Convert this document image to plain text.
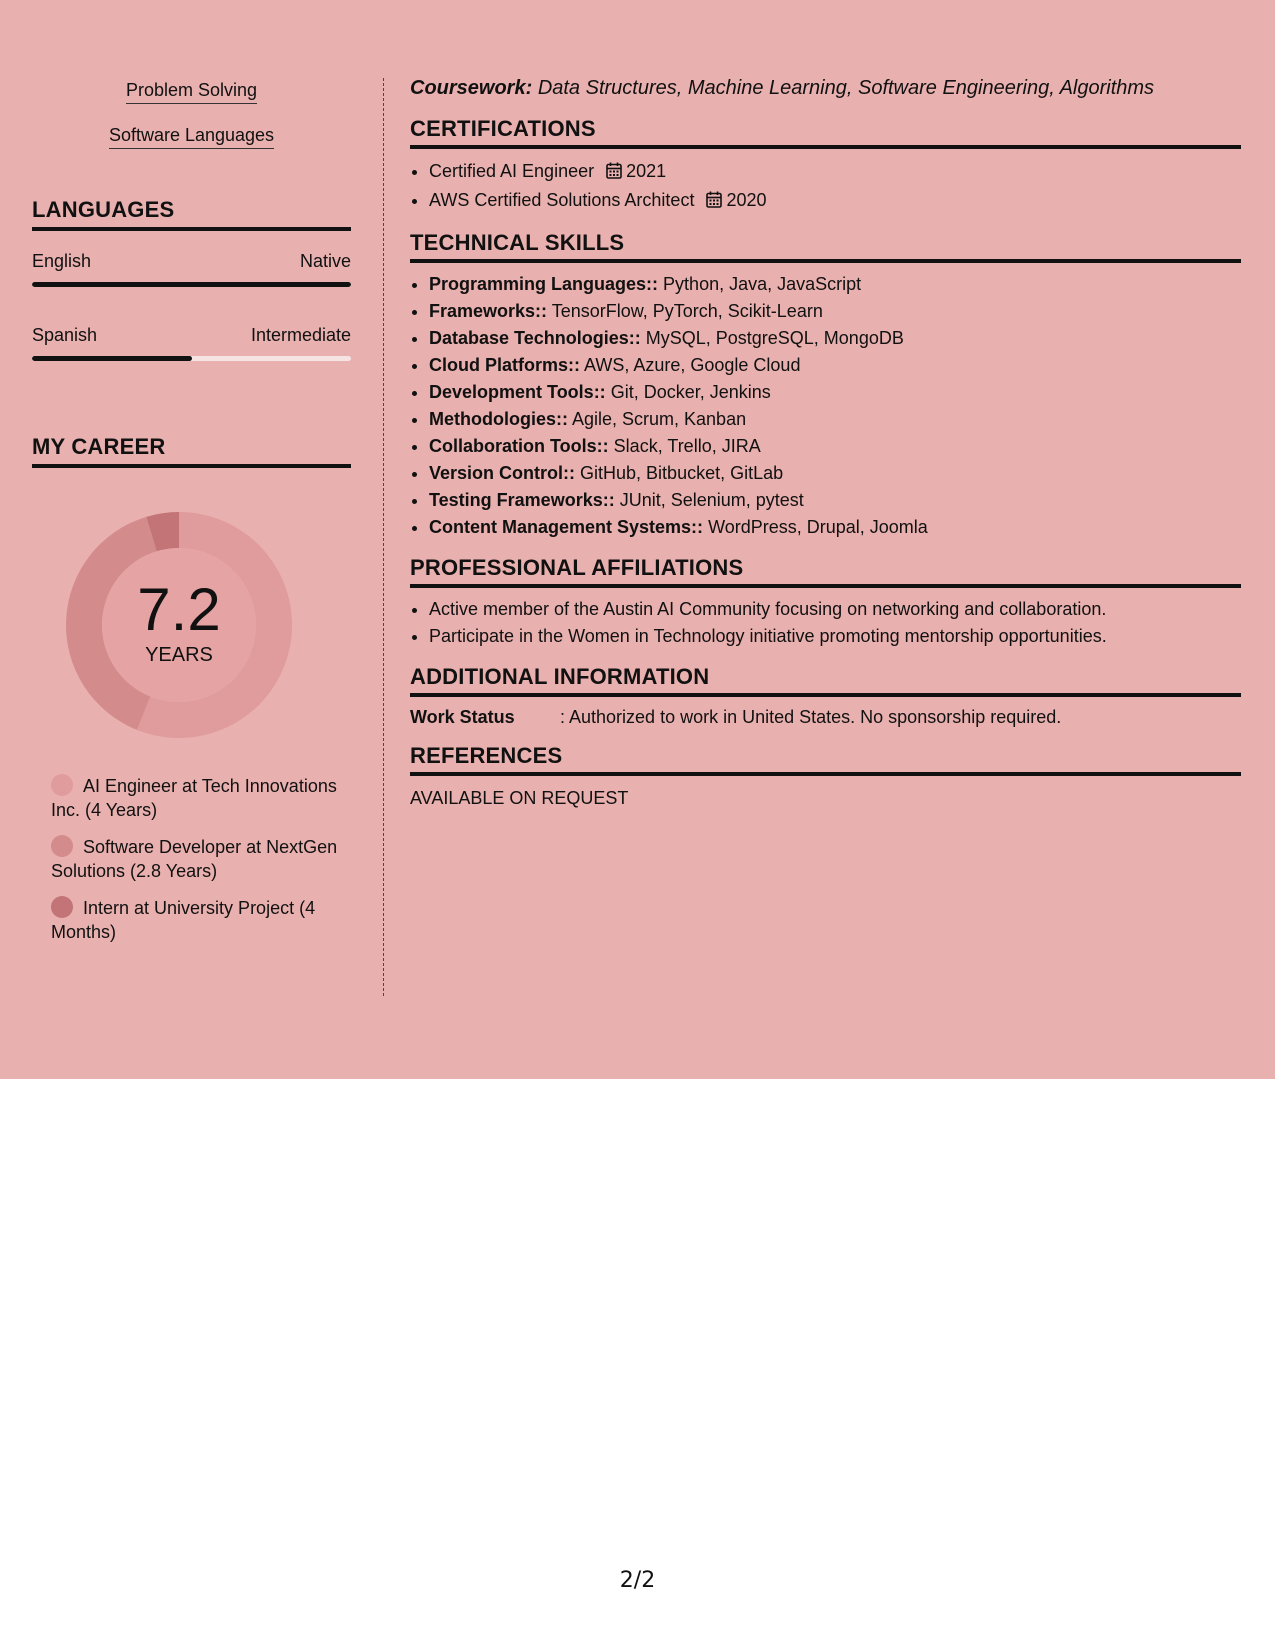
Problem Solving
Software Languages
LANGUAGES
English	Native
Spanish	Intermediate
MY CAREER
7.2
YEARS
AI Engineer at Tech Innovations Inc. (4 Years)
Software Developer at NextGen Solutions (2.8 Years)
Intern at University Project (4 Months)
Coursework: Data Structures, Machine Learning, Software Engineering, Algorithms
CERTIFICATIONS
• Certified AI Engineer 2021
• AWS Certified Solutions Architect 2020
TECHNICAL SKILLS
• Programming Languages:: Python, Java, JavaScript
• Frameworks:: TensorFlow, PyTorch, Scikit-Learn
• Database Technologies:: MySQL, PostgreSQL, MongoDB
• Cloud Platforms:: AWS, Azure, Google Cloud
• Development Tools:: Git, Docker, Jenkins
• Methodologies:: Agile, Scrum, Kanban
• Collaboration Tools:: Slack, Trello, JIRA
• Version Control:: GitHub, Bitbucket, GitLab
• Testing Frameworks:: JUnit, Selenium, pytest
• Content Management Systems:: WordPress, Drupal, Joomla
PROFESSIONAL AFFILIATIONS
• Active member of the Austin AI Community focusing on networking and collaboration.
• Participate in the Women in Technology initiative promoting mentorship opportunities.
ADDITIONAL INFORMATION
Work Status	: Authorized to work in United States. No sponsorship required.
REFERENCES
AVAILABLE ON REQUEST
2/2
